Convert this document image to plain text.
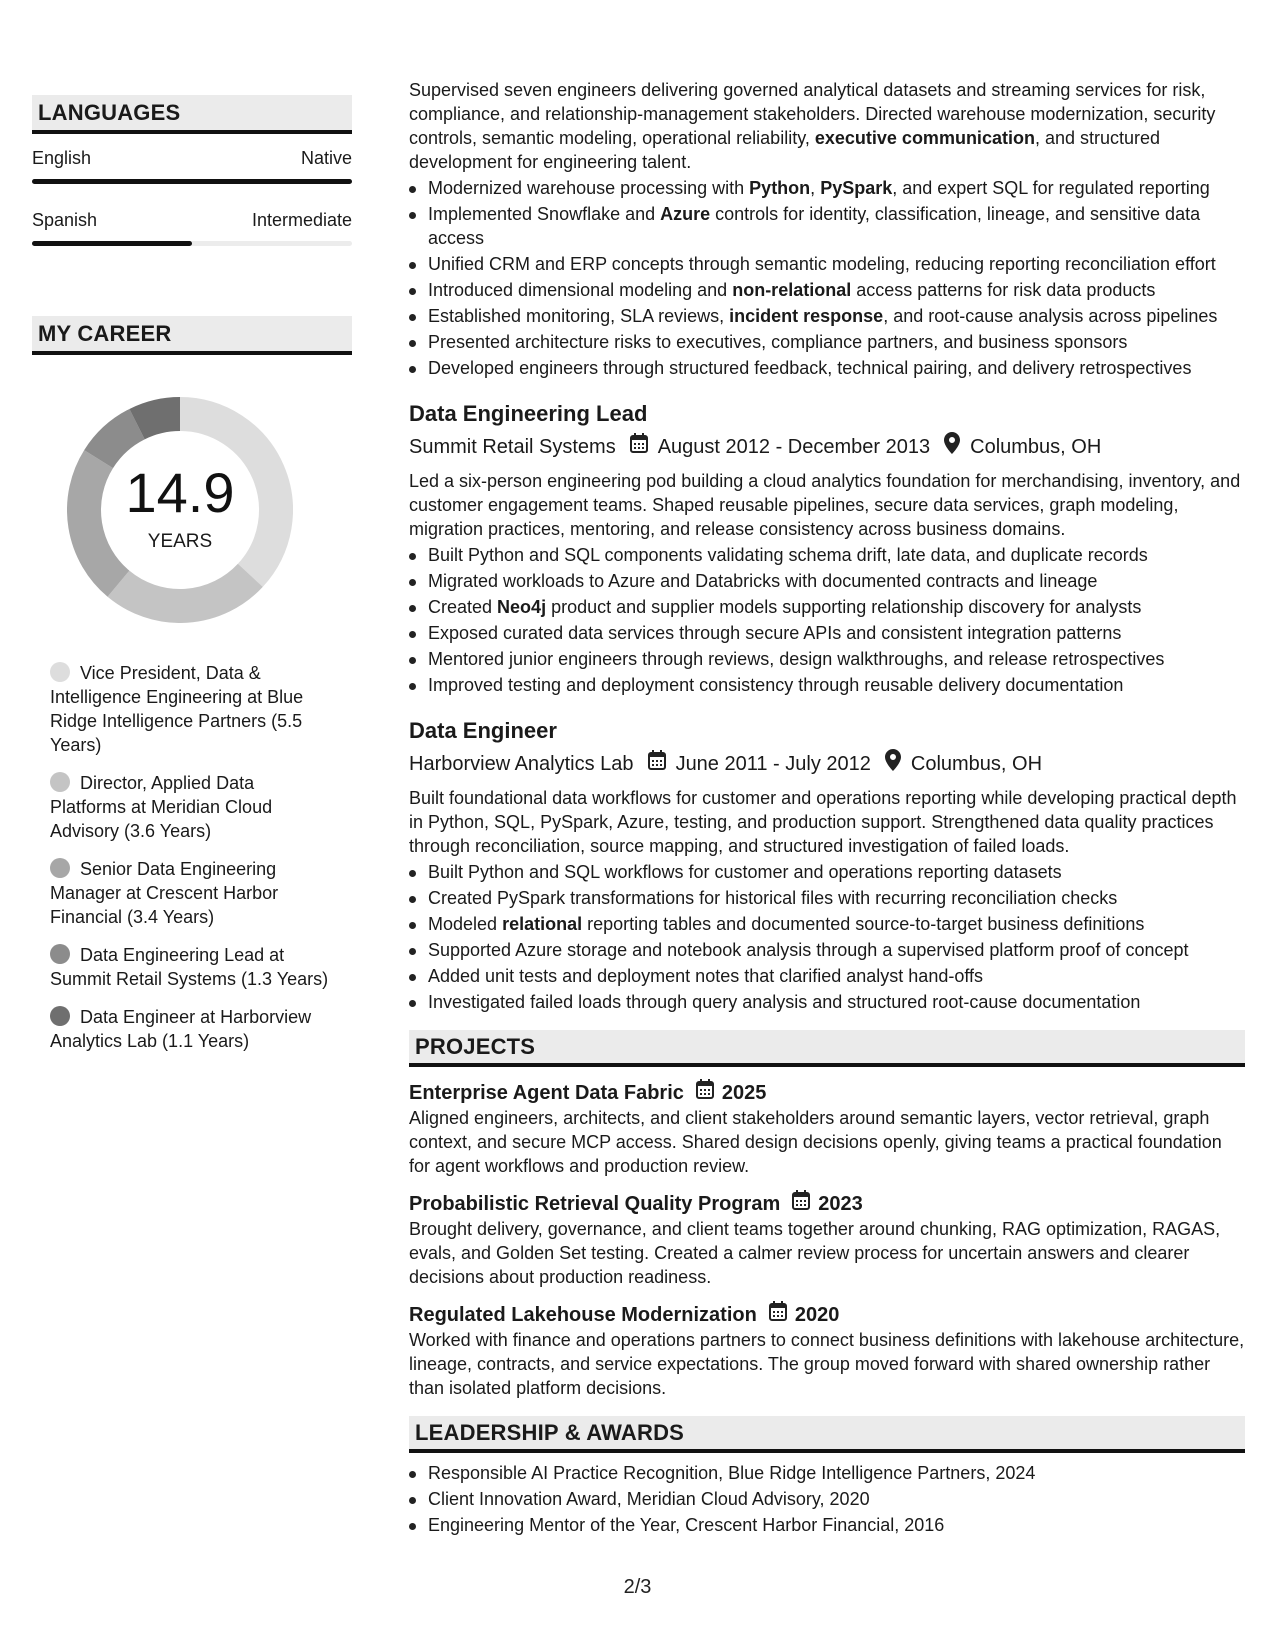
LANGUAGES
English	Native
Spanish	Intermediate
MY CAREER
14.9
YEARS
Vice President, Data & Intelligence Engineering at Blue Ridge Intelligence Partners (5.5 Years)
Director, Applied Data Platforms at Meridian Cloud Advisory (3.6 Years)
Senior Data Engineering Manager at Crescent Harbor Financial (3.4 Years)
Data Engineering Lead at Summit Retail Systems (1.3 Years)
Data Engineer at Harborview Analytics Lab (1.1 Years)

Supervised seven engineers delivering governed analytical datasets and streaming services for risk, compliance, and relationship-management stakeholders. Directed warehouse modernization, security controls, semantic modeling, operational reliability, executive communication, and structured development for engineering talent.

Modernized warehouse processing with Python, PySpark, and expert SQL for regulated reporting
Implemented Snowflake and Azure controls for identity, classification, lineage, and sensitive data access
Unified CRM and ERP concepts through semantic modeling, reducing reporting reconciliation effort
Introduced dimensional modeling and non-relational access patterns for risk data products
Established monitoring, SLA reviews, incident response, and root-cause analysis across pipelines
Presented architecture risks to executives, compliance partners, and business sponsors
Developed engineers through structured feedback, technical pairing, and delivery retrospectives
Data Engineering Lead
Summit Retail Systems August 2012 - December 2013 Columbus, OH

Led a six-person engineering pod building a cloud analytics foundation for merchandising, inventory, and customer engagement teams. Shaped reusable pipelines, secure data services, graph modeling, migration practices, mentoring, and release consistency across business domains.

Built Python and SQL components validating schema drift, late data, and duplicate records
Migrated workloads to Azure and Databricks with documented contracts and lineage
Created Neo4j product and supplier models supporting relationship discovery for analysts
Exposed curated data services through secure APIs and consistent integration patterns
Mentored junior engineers through reviews, design walkthroughs, and release retrospectives
Improved testing and deployment consistency through reusable delivery documentation
Data Engineer
Harborview Analytics Lab June 2011 - July 2012 Columbus, OH

Built foundational data workflows for customer and operations reporting while developing practical depth in Python, SQL, PySpark, Azure, testing, and production support. Strengthened data quality practices through reconciliation, source mapping, and structured investigation of failed loads.

Built Python and SQL workflows for customer and operations reporting datasets
Created PySpark transformations for historical files with recurring reconciliation checks
Modeled relational reporting tables and documented source-to-target business definitions
Supported Azure storage and notebook analysis through a supervised platform proof of concept
Added unit tests and deployment notes that clarified analyst hand-offs
Investigated failed loads through query analysis and structured root-cause documentation
PROJECTS
Enterprise Agent Data Fabric 2025

Aligned engineers, architects, and client stakeholders around semantic layers, vector retrieval, graph context, and secure MCP access. Shared design decisions openly, giving teams a practical foundation for agent workflows and production review.

Probabilistic Retrieval Quality Program 2023

Brought delivery, governance, and client teams together around chunking, RAG optimization, RAGAS, evals, and Golden Set testing. Created a calmer review process for uncertain answers and clearer decisions about production readiness.

Regulated Lakehouse Modernization 2020

Worked with finance and operations partners to connect business definitions with lakehouse architecture, lineage, contracts, and service expectations. The group moved forward with shared ownership rather than isolated platform decisions.

LEADERSHIP & AWARDS
Responsible AI Practice Recognition, Blue Ridge Intelligence Partners, 2024
Client Innovation Award, Meridian Cloud Advisory, 2020
Engineering Mentor of the Year, Crescent Harbor Financial, 2016
2/3
